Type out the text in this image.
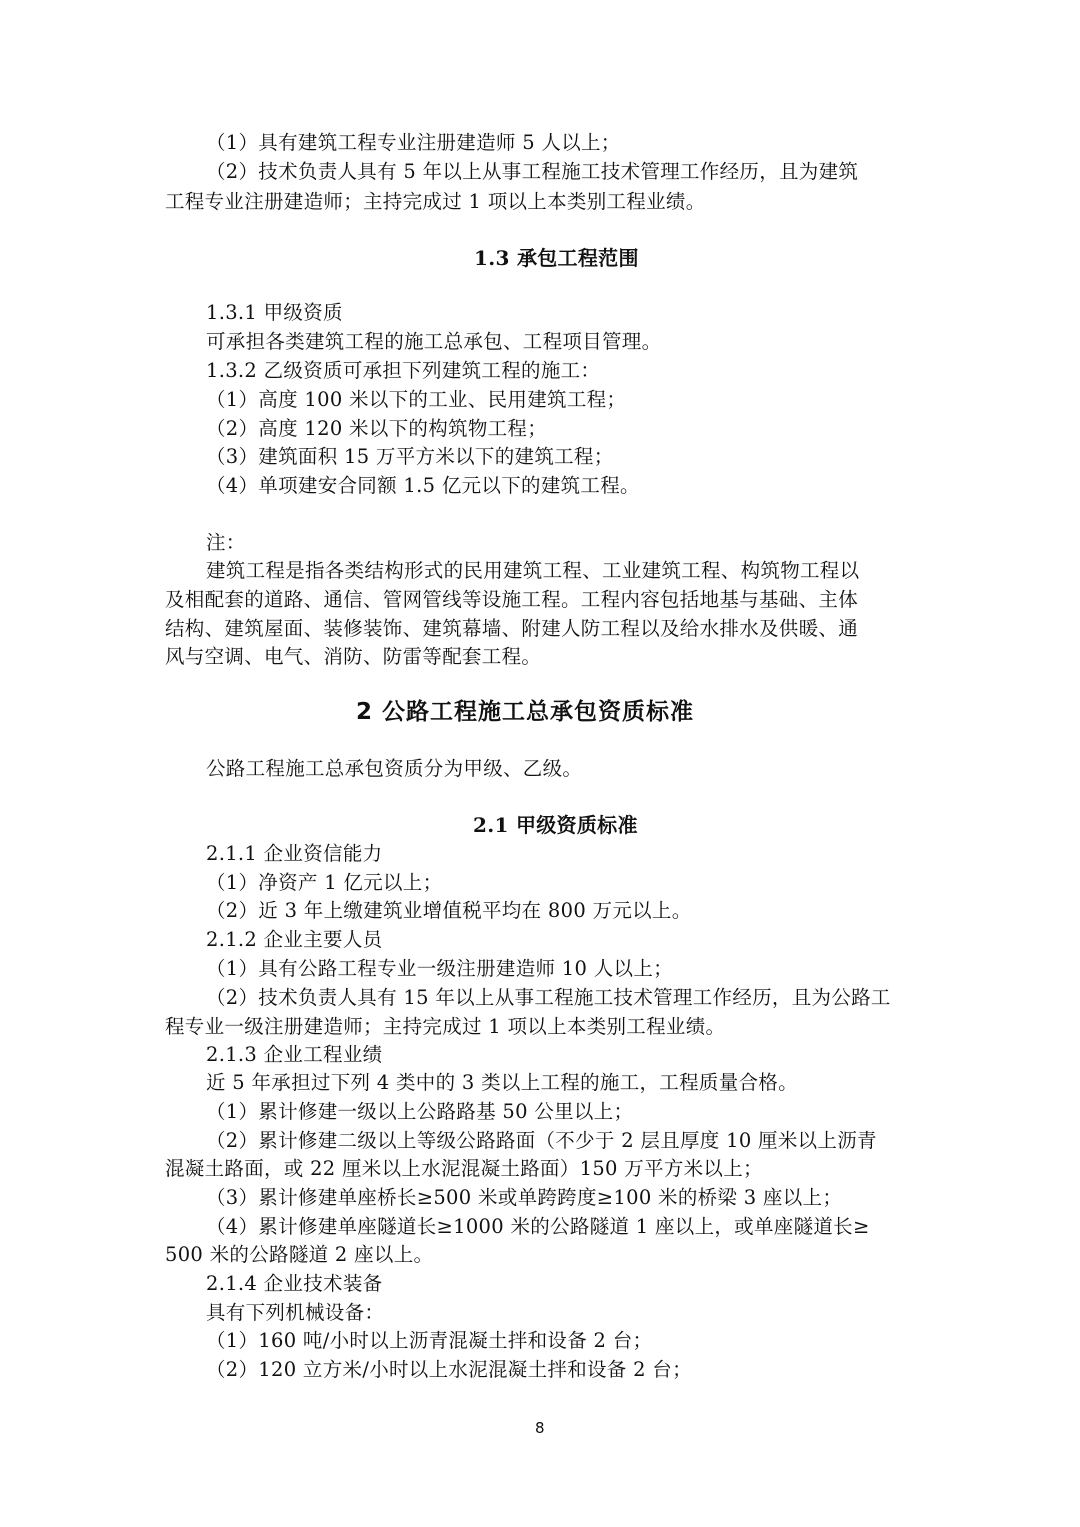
（1）具有建筑工程专业注册建造师 5 人以上；
（2）技术负责人具有 5 年以上从事工程施工技术管理工作经历，且为建筑
工程专业注册建造师；主持完成过 1 项以上本类别工程业绩。
1.3 承包工程范围
1.3.1 甲级资质
可承担各类建筑工程的施工总承包、工程项目管理。
1.3.2 乙级资质可承担下列建筑工程的施工：
（1）高度 100 米以下的工业、民用建筑工程；
（2）高度 120 米以下的构筑物工程；
（3）建筑面积 15 万平方米以下的建筑工程；
（4）单项建安合同额 1.5 亿元以下的建筑工程。
注：
建筑工程是指各类结构形式的民用建筑工程、工业建筑工程、构筑物工程以
及相配套的道路、通信、管网管线等设施工程。工程内容包括地基与基础、主体
结构、建筑屋面、装修装饰、建筑幕墙、附建人防工程以及给水排水及供暖、通
风与空调、电气、消防、防雷等配套工程。
2 公路工程施工总承包资质标准
公路工程施工总承包资质分为甲级、乙级。
2.1 甲级资质标准
2.1.1 企业资信能力
（1）净资产 1 亿元以上；
（2）近 3 年上缴建筑业增值税平均在 800 万元以上。
2.1.2 企业主要人员
（1）具有公路工程专业一级注册建造师 10 人以上；
（2）技术负责人具有 15 年以上从事工程施工技术管理工作经历，且为公路工
程专业一级注册建造师；主持完成过 1 项以上本类别工程业绩。
2.1.3 企业工程业绩
近 5 年承担过下列 4 类中的 3 类以上工程的施工，工程质量合格。
（1）累计修建一级以上公路路基 50 公里以上；
（2）累计修建二级以上等级公路路面（不少于 2 层且厚度 10 厘米以上沥青
混凝土路面，或 22 厘米以上水泥混凝土路面）150 万平方米以上；
（3）累计修建单座桥长≥500 米或单跨跨度≥100 米的桥梁 3 座以上；
（4）累计修建单座隧道长≥1000 米的公路隧道 1 座以上，或单座隧道长≥
500 米的公路隧道 2 座以上。
2.1.4 企业技术装备
具有下列机械设备：
（1）160 吨/小时以上沥青混凝土拌和设备 2 台；
（2）120 立方米/小时以上水泥混凝土拌和设备 2 台；
8
